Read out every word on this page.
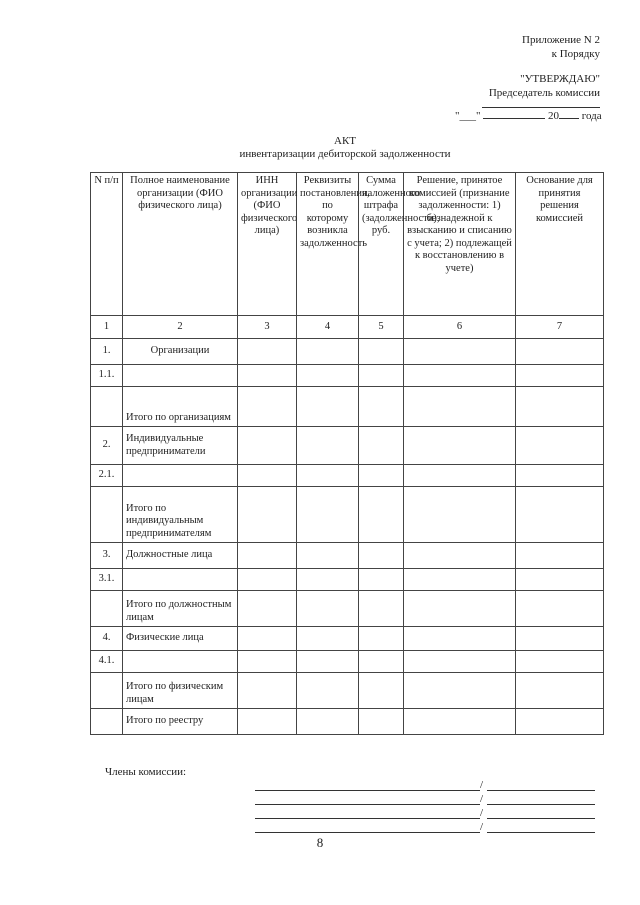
Приложение N 2
к Порядку
"УТВЕРЖДАЮ"
Председатель комиссии
"___"	20 года
АКТ
инвентаризации дебиторской задолженности
N п/п	Полное наименование организации (ФИО физического лица)	ИНН организации (ФИО физического лица)	Реквизиты постановления, по которому возникла задолженность	Сумма наложенного штрафа (задолженности), руб.	Решение, принятое комиссией (признание задолженности: 1) безнадежной к взысканию и списанию с учета; 2) подлежащей к восстановлению в учете)	Основание для принятия решения комиссией
1	2	3	4	5	6	7
1.	Организации					
1.1.						
	Итого по организациям					
2.	Индивидуальные предприниматели					
2.1.						
	Итого по индивидуальным предпринимателям					
3.	Должностные лица					
3.1.						
	Итого по должностным лицам					
4.	Физические лица					
4.1.						
	Итого по физическим лицам					
	Итого по реестру					
Члены комиссии:
/
/
/
/
8
